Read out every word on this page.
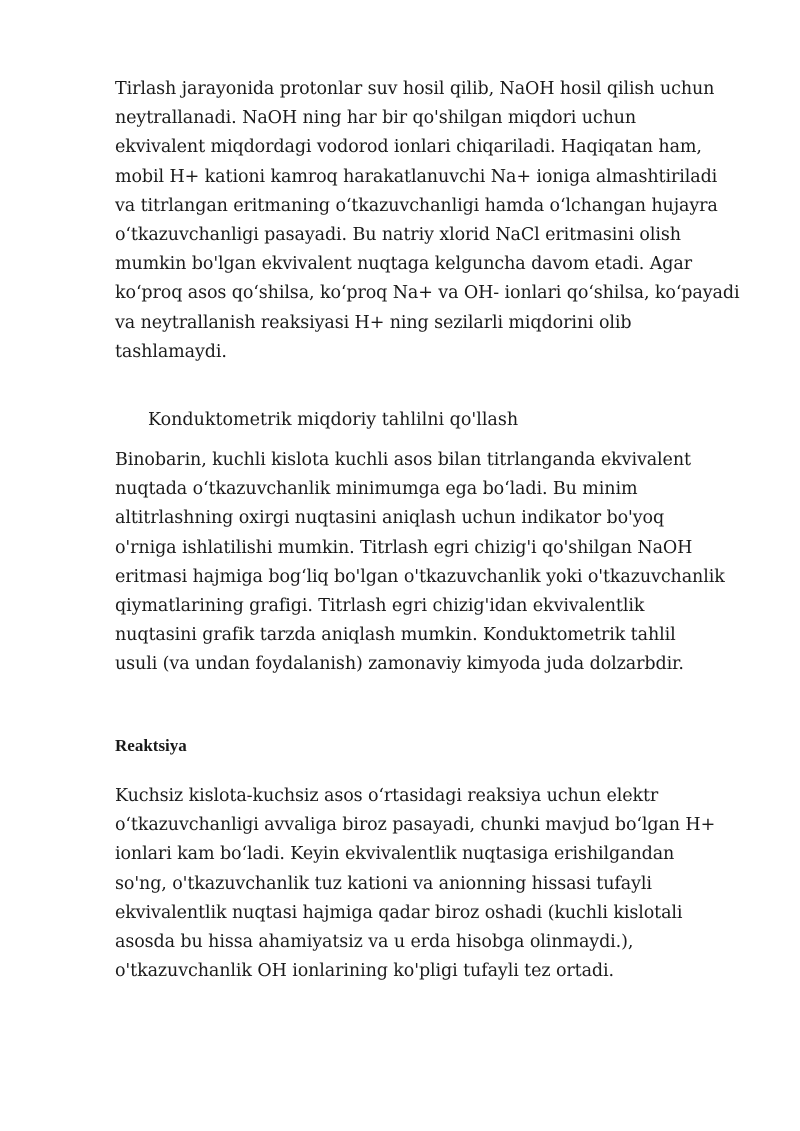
Tirlash jarayonida protonlar suv hosil qilib, NaOH hosil qilish uchun
neytrallanadi. NaOH ning har bir qo'shilgan miqdori uchun
ekvivalent miqdordagi vodorod ionlari chiqariladi. Haqiqatan ham,
mobil H+ kationi kamroq harakatlanuvchi Na+ ioniga almashtiriladi
va titrlangan eritmaning oʻtkazuvchanligi hamda oʻlchangan hujayra
oʻtkazuvchanligi pasayadi. Bu natriy xlorid NaCl eritmasini olish
mumkin bo'lgan ekvivalent nuqtaga kelguncha davom etadi. Agar
koʻproq asos qoʻshilsa, koʻproq Na+ va OH- ionlari qoʻshilsa, koʻpayadi
va neytrallanish reaksiyasi H+ ning sezilarli miqdorini olib
tashlamaydi.

Konduktometrik miqdoriy tahlilni qo'llash

Binobarin, kuchli kislota kuchli asos bilan titrlanganda ekvivalent
nuqtada oʻtkazuvchanlik minimumga ega boʻladi. Bu minim
altitrlashning oxirgi nuqtasini aniqlash uchun indikator bo'yoq
o'rniga ishlatilishi mumkin. Titrlash egri chizig'i qo'shilgan NaOH
eritmasi hajmiga bogʻliq bo'lgan o'tkazuvchanlik yoki o'tkazuvchanlik
qiymatlarining grafigi. Titrlash egri chizig'idan ekvivalentlik
nuqtasini grafik tarzda aniqlash mumkin. Konduktometrik tahlil
usuli (va undan foydalanish) zamonaviy kimyoda juda dolzarbdir.

Reaktsiya

Kuchsiz kislota-kuchsiz asos oʻrtasidagi reaksiya uchun elektr
oʻtkazuvchanligi avvaliga biroz pasayadi, chunki mavjud boʻlgan H+
ionlari kam boʻladi. Keyin ekvivalentlik nuqtasiga erishilgandan
so'ng, o'tkazuvchanlik tuz kationi va anionning hissasi tufayli
ekvivalentlik nuqtasi hajmiga qadar biroz oshadi (kuchli kislotali
asosda bu hissa ahamiyatsiz va u erda hisobga olinmaydi.),
o'tkazuvchanlik OH ionlarining ko'pligi tufayli tez ortadi.
